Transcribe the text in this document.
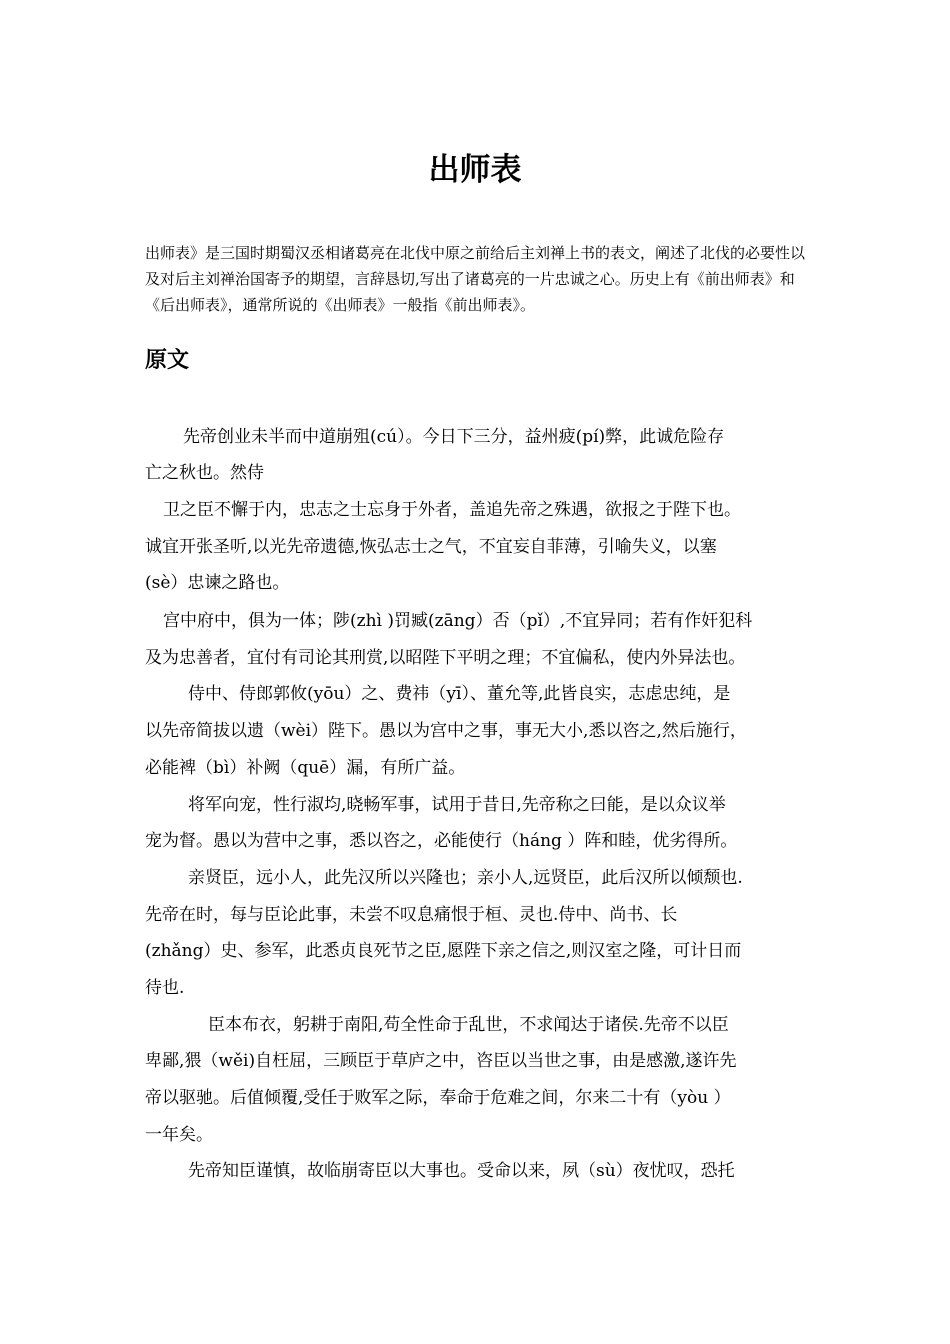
出师表

出师表》是三国时期蜀汉丞相诸葛亮在北伐中原之前给后主刘禅上书的表文，阐述了北伐的必要性以及对后主刘禅治国寄予的期望，言辞恳切,写出了诸葛亮的一片忠诚之心。历史上有《前出师表》和《后出师表》，通常所说的《出师表》一般指《前出师表》。

原文
先帝创业未半而中道崩殂(cú）。今日下三分，益州疲(pí)弊，此诚危险存
亡之秋也。然侍
卫之臣不懈于内，忠志之士忘身于外者，盖追先帝之殊遇，欲报之于陛下也。
诚宜开张圣听,以光先帝遗德,恢弘志士之气，不宜妄自菲薄，引喻失义，以塞
(sè）忠谏之路也。
宫中府中，俱为一体；陟(zhì )罚臧(zāng）否（pǐ）,不宜异同；若有作奸犯科
及为忠善者，宜付有司论其刑赏,以昭陛下平明之理；不宜偏私，使内外异法也。
侍中、侍郎郭攸(yōu）之、费祎（yī）、董允等,此皆良实，志虑忠纯，是
以先帝简拔以遗（wèi）陛下。愚以为宫中之事，事无大小,悉以咨之,然后施行，
必能裨（bì）补阙（quē）漏，有所广益。
将军向宠，性行淑均,晓畅军事，试用于昔日,先帝称之曰能，是以众议举
宠为督。愚以为营中之事，悉以咨之，必能使行（háng ）阵和睦，优劣得所。
亲贤臣，远小人，此先汉所以兴隆也；亲小人,远贤臣，此后汉所以倾颓也.
先帝在时，每与臣论此事，未尝不叹息痛恨于桓、灵也.侍中、尚书、长
(zhǎng）史、参军，此悉贞良死节之臣,愿陛下亲之信之,则汉室之隆，可计日而
待也.
臣本布衣，躬耕于南阳,苟全性命于乱世，不求闻达于诸侯.先帝不以臣
卑鄙,猥（wěi)自枉屈，三顾臣于草庐之中，咨臣以当世之事，由是感激,遂许先
帝以驱驰。后值倾覆,受任于败军之际，奉命于危难之间，尔来二十有（yòu ）
一年矣。
先帝知臣谨慎，故临崩寄臣以大事也。受命以来，夙（sù）夜忧叹，恐托
